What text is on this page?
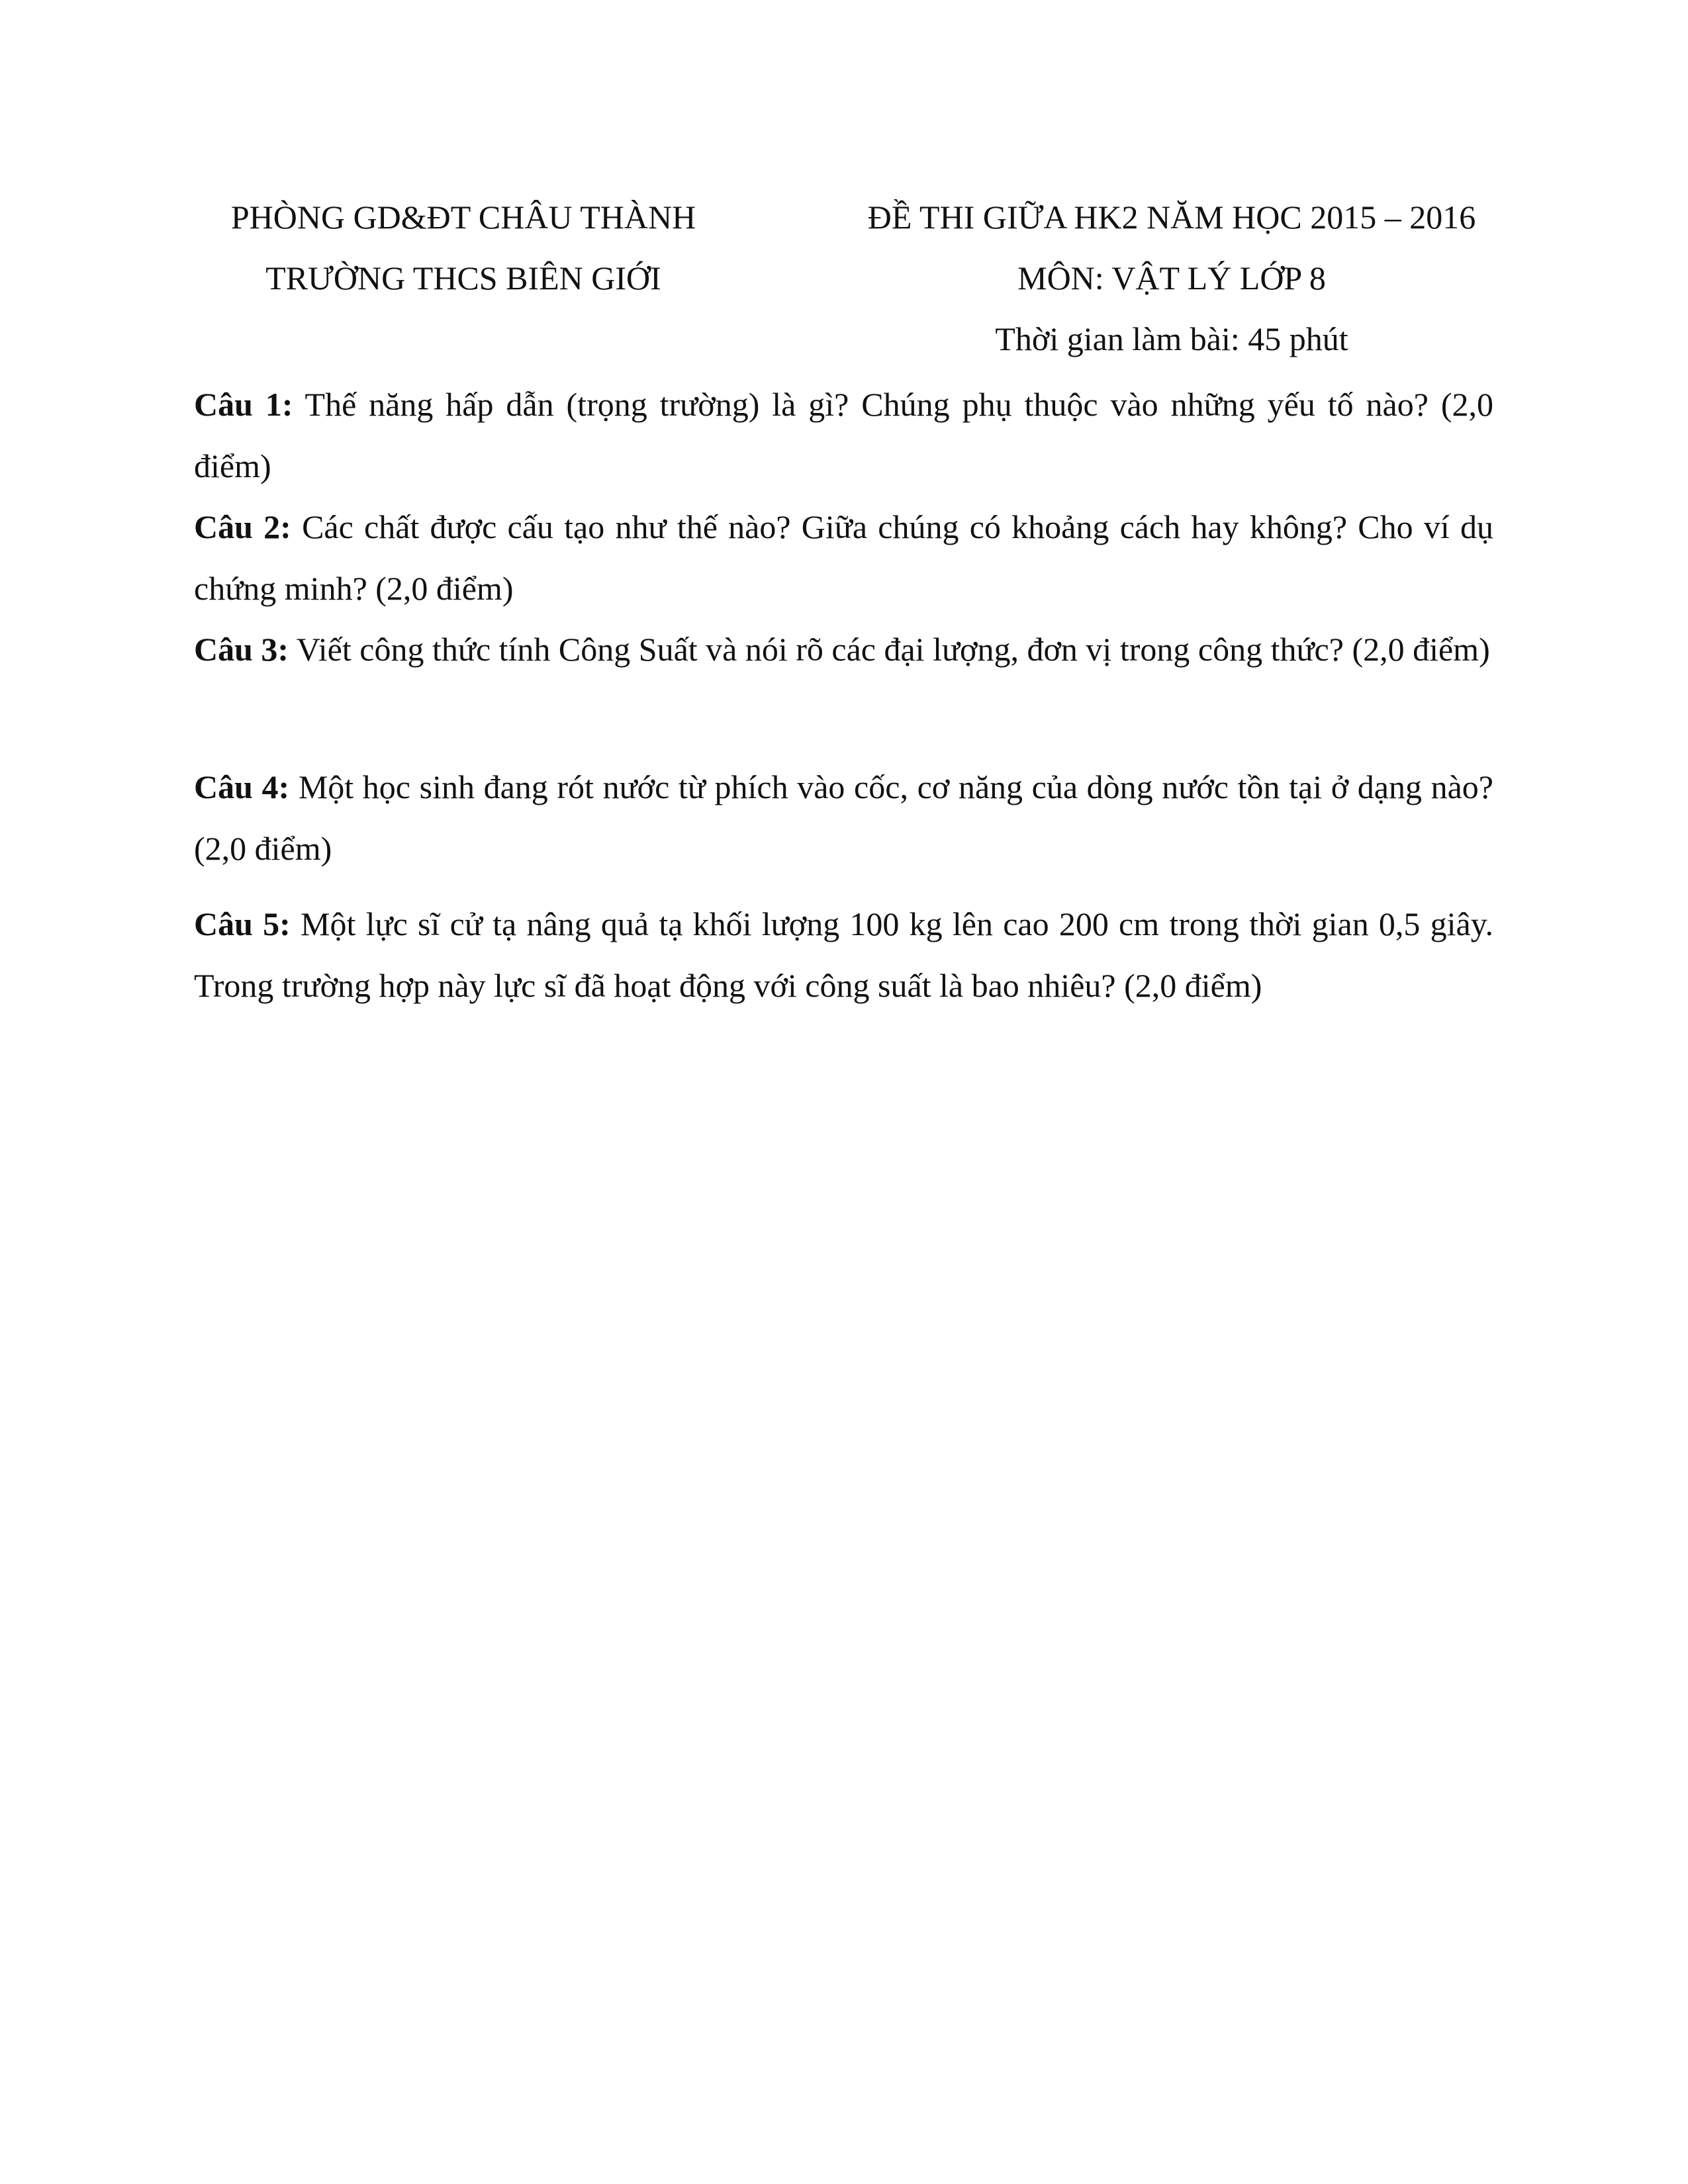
PHÒNG GD&ĐT CHÂU THÀNH
TRƯỜNG THCS BIÊN GIỚI
ĐỀ THI GIỮA HK2 NĂM HỌC 2015 – 2016
MÔN: VẬT LÝ LỚP 8
Thời gian làm bài: 45 phút
Câu 1: Thế năng hấp dẫn (trọng trường) là gì? Chúng phụ thuộc vào những yếu tố nào? (2,0 điểm)
Câu 2: Các chất được cấu tạo như thế nào? Giữa chúng có khoảng cách hay không? Cho ví dụ chứng minh? (2,0 điểm)
Câu 3: Viết công thức tính Công Suất và nói rõ các đại lượng, đơn vị trong công thức? (2,0 điểm)
Câu 4: Một học sinh đang rót nước từ phích vào cốc, cơ năng của dòng nước tồn tại ở dạng nào? (2,0 điểm)
Câu 5: Một lực sĩ cử tạ nâng quả tạ khối lượng 100 kg lên cao 200 cm trong thời gian 0,5 giây. Trong trường hợp này lực sĩ đã hoạt động với công suất là bao nhiêu? (2,0 điểm)
